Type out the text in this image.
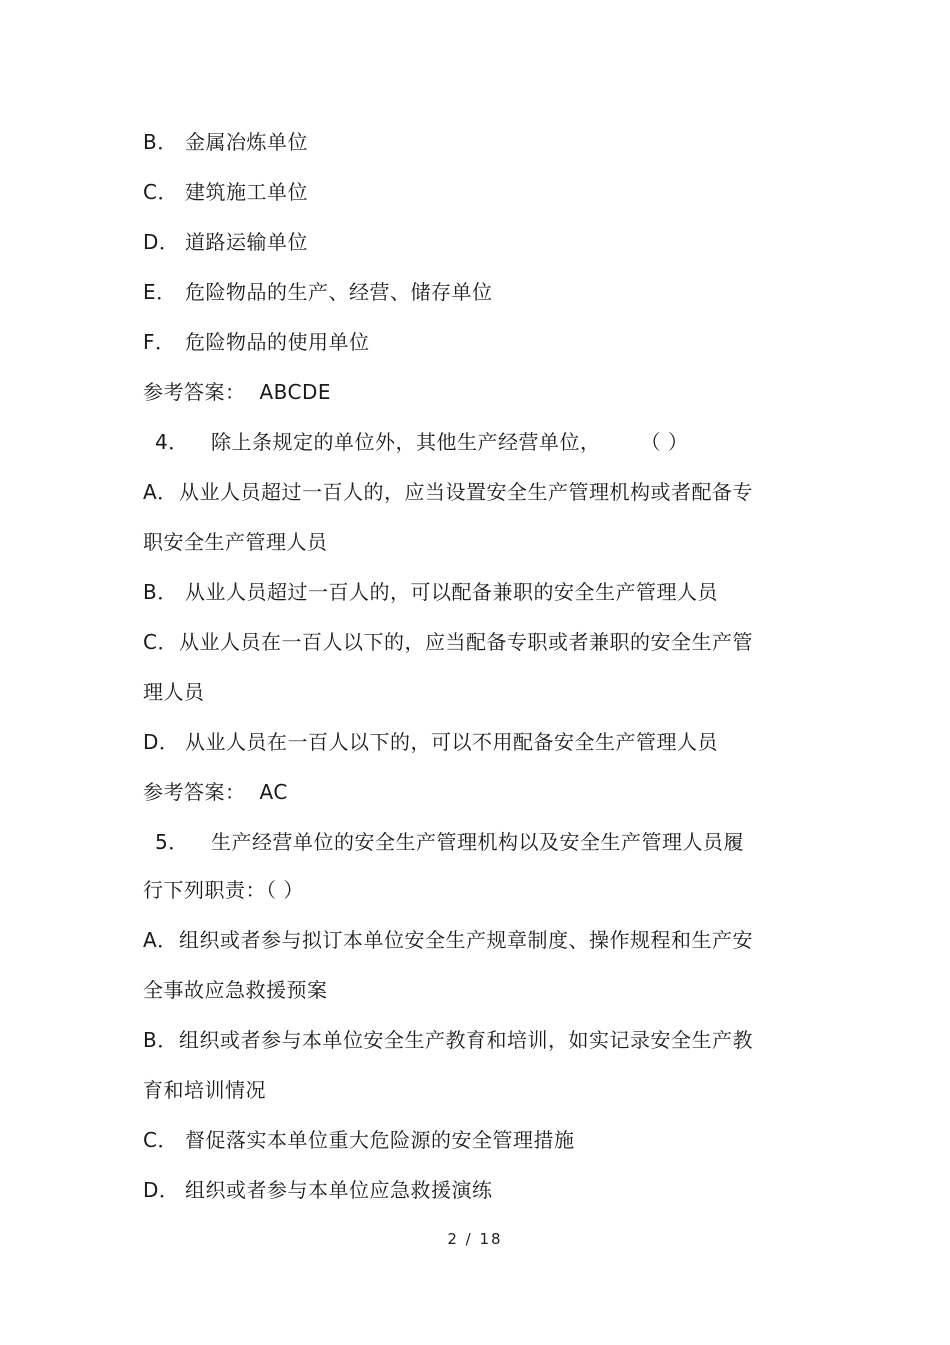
B． 金属冶炼单位
C． 建筑施工单位
D． 道路运输单位
E． 危险物品的生产、经营、储存单位
F． 危险物品的使用单位
参考答案： ABCDE
4． 除上条规定的单位外，其他生产经营单位， （ ）
A．从业人员超过一百人的，应当设置安全生产管理机构或者配备专
职安全生产管理人员
B． 从业人员超过一百人的，可以配备兼职的安全生产管理人员
C．从业人员在一百人以下的，应当配备专职或者兼职的安全生产管
理人员
D． 从业人员在一百人以下的，可以不用配备安全生产管理人员
参考答案： AC
5． 生产经营单位的安全生产管理机构以及安全生产管理人员履
行下列职责：（ ）
A．组织或者参与拟订本单位安全生产规章制度、操作规程和生产安
全事故应急救援预案
B．组织或者参与本单位安全生产教育和培训，如实记录安全生产教
育和培训情况
C． 督促落实本单位重大危险源的安全管理措施
D． 组织或者参与本单位应急救援演练
2 / 18
